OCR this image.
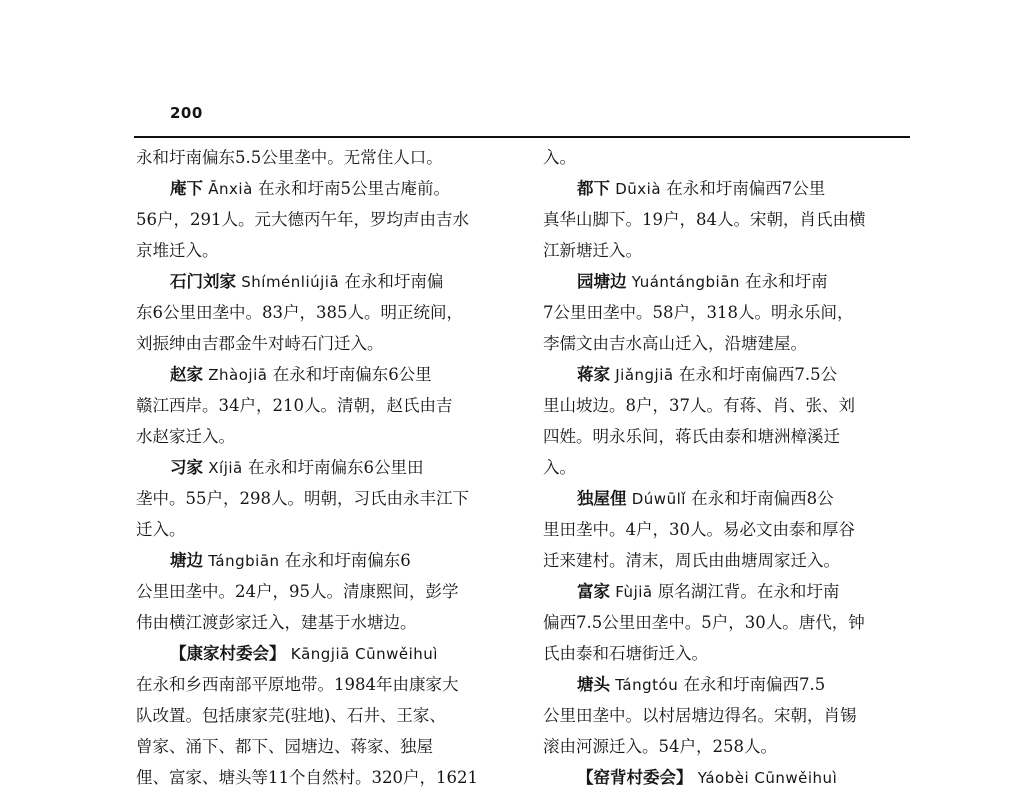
200
永和圩南偏东5.5公里垄中。无常住人口。
庵下 Ānxià 在永和圩南5公里古庵前。
56户，291人。元大德丙午年，罗均声由吉水
京堆迁入。
石门刘家 Shíménliújiā 在永和圩南偏
东6公里田垄中。83户，385人。明正统间，
刘振绅由吉郡金牛对峙石门迁入。
赵家 Zhàojiā 在永和圩南偏东6公里
赣江西岸。34户，210人。清朝，赵氏由吉
水赵家迁入。
习家 Xíjiā 在永和圩南偏东6公里田
垄中。55户，298人。明朝，习氏由永丰江下
迁入。
塘边 Tángbiān 在永和圩南偏东6
公里田垄中。24户，95人。清康熙间，彭学
伟由横江渡彭家迁入，建基于水塘边。
【康家村委会】 Kāngjiā Cūnwěihuì
在永和乡西南部平原地带。1984年由康家大
队改置。包括康家芫(驻地)、石井、王家、
曾家、涌下、都下、园塘边、蒋家、独屋
俚、富家、塘头等11个自然村。320户，1621
入。
都下 Dūxià 在永和圩南偏西7公里
真华山脚下。19户，84人。宋朝，肖氏由横
江新塘迁入。
园塘边 Yuántángbiān 在永和圩南
7公里田垄中。58户，318人。明永乐间，
李儒文由吉水高山迁入，沿塘建屋。
蒋家 Jiǎngjiā 在永和圩南偏西7.5公
里山坡边。8户，37人。有蒋、肖、张、刘
四姓。明永乐间，蒋氏由泰和塘洲樟溪迁
入。
独屋俚 Dúwūlǐ 在永和圩南偏西8公
里田垄中。4户，30人。易必文由泰和厚谷
迁来建村。清末，周氏由曲塘周家迁入。
富家 Fùjiā 原名湖江背。在永和圩南
偏西7.5公里田垄中。5户，30人。唐代，钟
氏由泰和石塘街迁入。
塘头 Tángtóu 在永和圩南偏西7.5
公里田垄中。以村居塘边得名。宋朝，肖锡
滚由河源迁入。54户，258人。
【窑背村委会】 Yáobèi Cūnwěihuì
